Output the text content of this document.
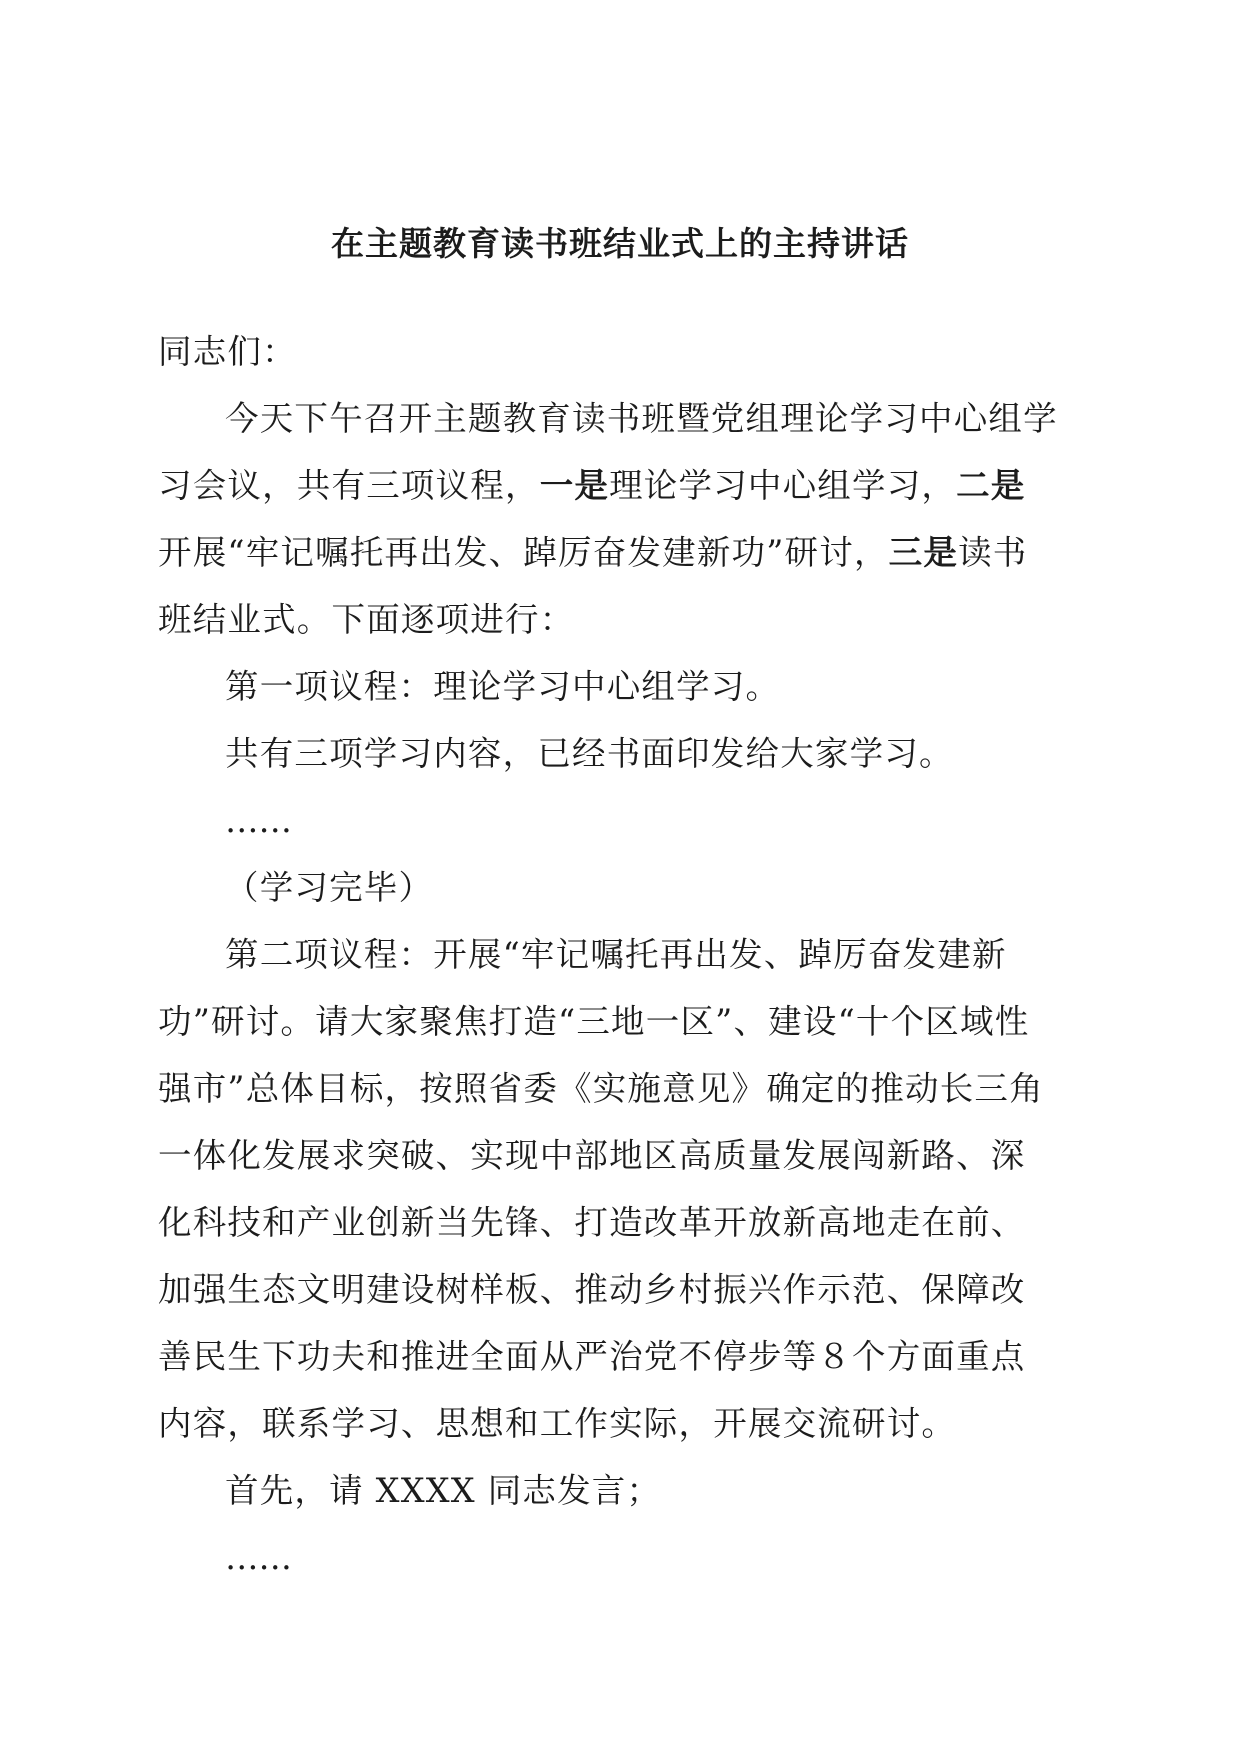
在主题教育读书班结业式上的主持讲话

同志们：

今天下午召开主题教育读书班暨党组理论学习中心组学习会议，共有三项议程，一是理论学习中心组学习，二是开展“牢记嘱托再出发、踔厉奋发建新功”研讨，三是读书班结业式。下面逐项进行：

第一项议程：理论学习中心组学习。

共有三项学习内容，已经书面印发给大家学习。

……

（学习完毕）

第二项议程：开展“牢记嘱托再出发、踔厉奋发建新功”研讨。请大家聚焦打造“三地一区”、建设“十个区域性强市”总体目标，按照省委《实施意见》确定的推动长三角一体化发展求突破、实现中部地区高质量发展闯新路、深化科技和产业创新当先锋、打造改革开放新高地走在前、加强生态文明建设树样板、推动乡村振兴作示范、保障改善民生下功夫和推进全面从严治党不停步等８个方面重点内容，联系学习、思想和工作实际，开展交流研讨。

首先，请 XXXX 同志发言；

……
